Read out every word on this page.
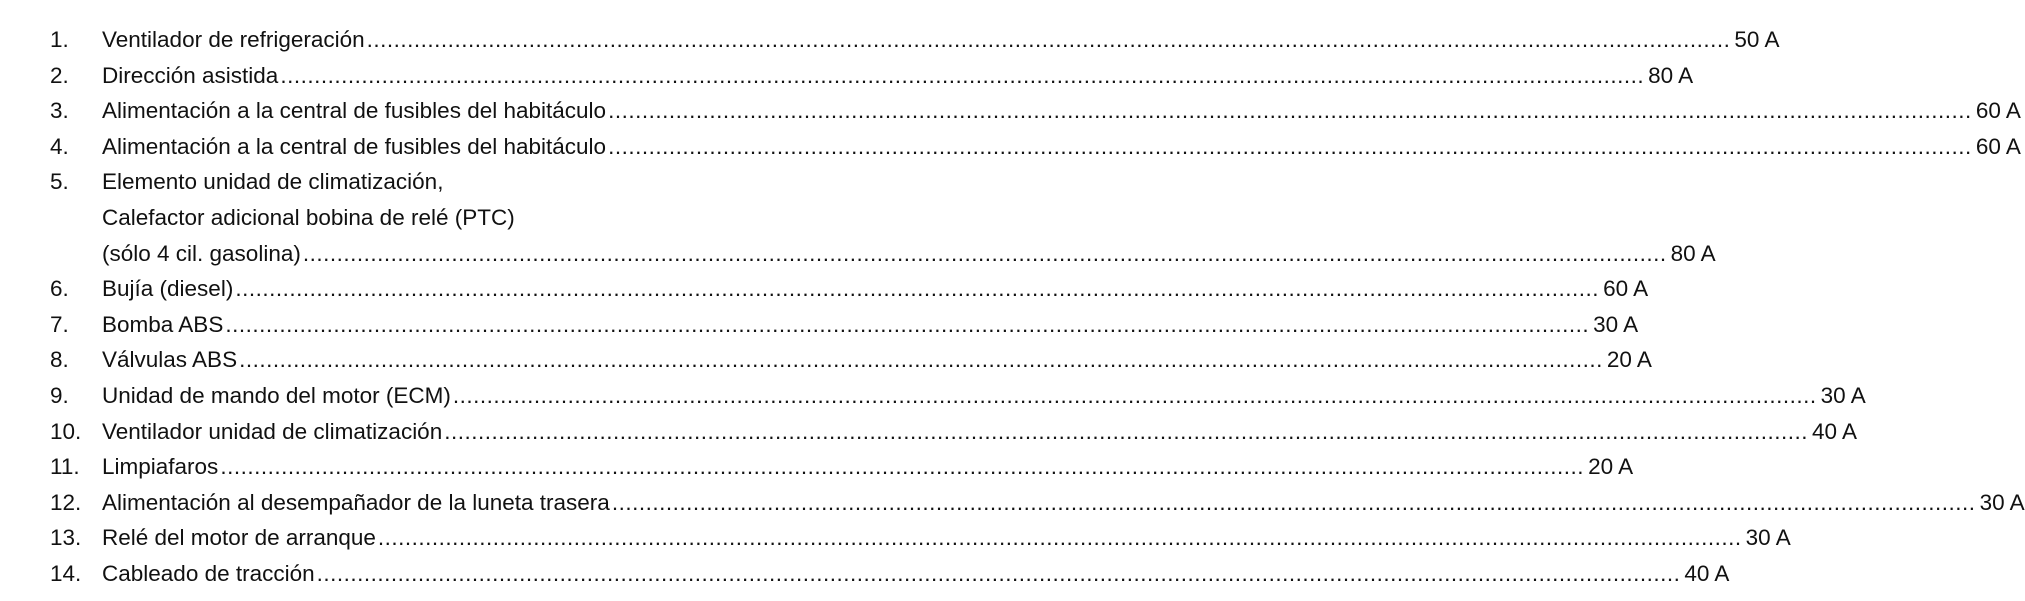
1.	Ventilador de refrigeración .....	50 A
2.	Dirección asistida .....	80 A
3.	Alimentación a la central de fusibles del habitáculo .....	60 A
4.	Alimentación a la central de fusibles del habitáculo .....	60 A
5.	Elemento unidad de climatización,
Calefactor adicional bobina de relé (PTC)
(sólo 4 cil. gasolina) .....	80 A
6.	Bujía (diesel) .....	60 A
7.	Bomba ABS .....	30 A
8.	Válvulas ABS .....	20 A
9.	Unidad de mando del motor (ECM) .....	30 A
10. Ventilador unidad de climatización .....	40 A
11. Limpiafaros .....	20 A
12. Alimentación al desempañador de la luneta trasera .....	30 A
13. Relé del motor de arranque .....	30 A
14. Cableado de tracción .....	40 A
